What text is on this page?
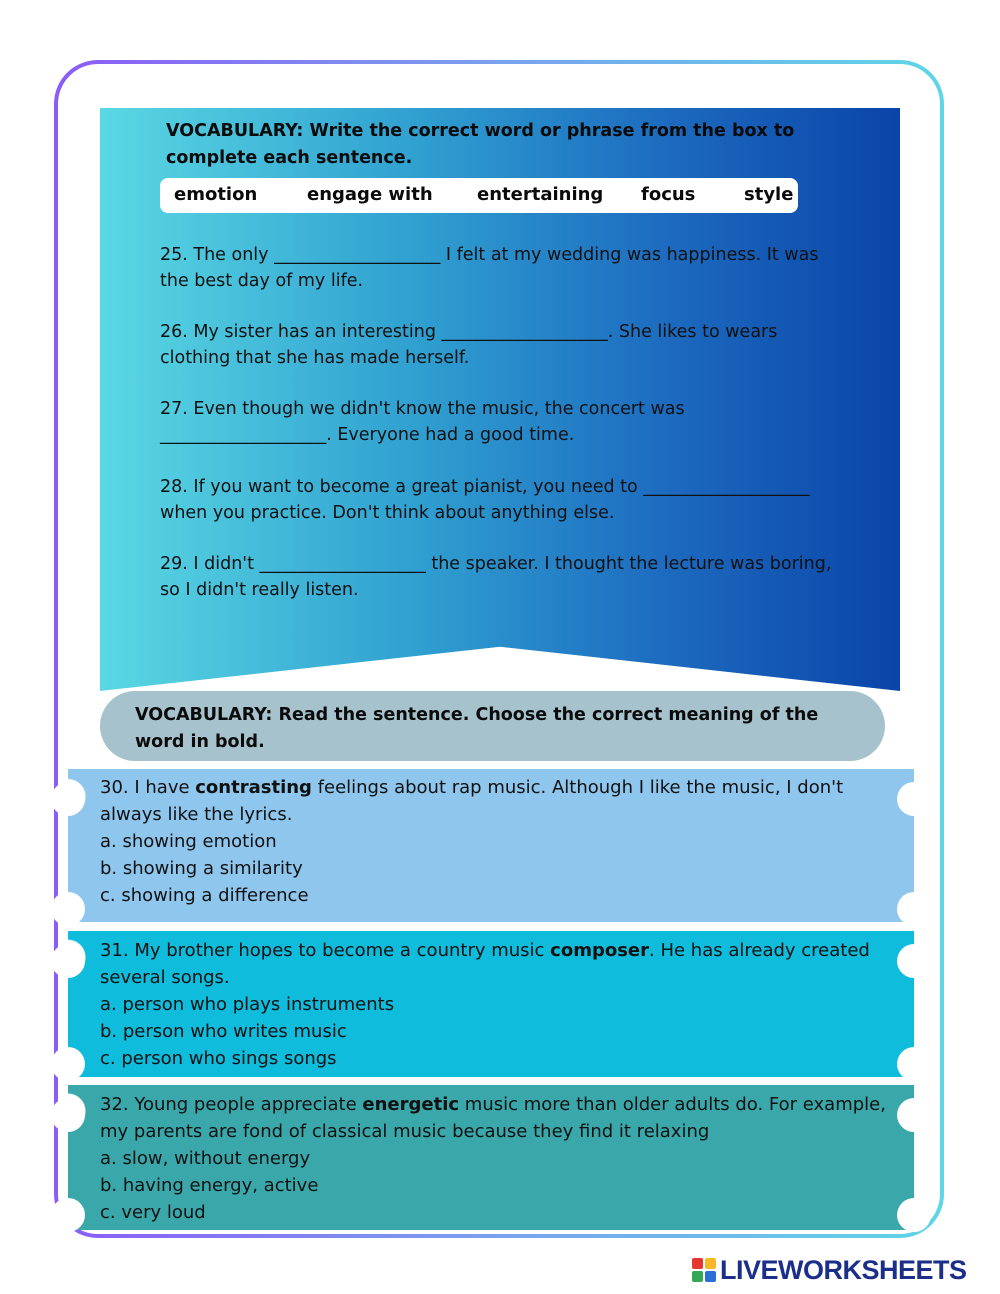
VOCABULARY: Write the correct word or phrase from the box to complete each sentence.
emotion	engage with entertaining focus	style
25. The only ___________________ I felt at my wedding was happiness. It was
the best day of my life.
26. My sister has an interesting ___________________. She likes to wears
clothing that she has made herself.
27. Even though we didn't know the music, the concert was
___________________. Everyone had a good time.
28. If you want to become a great pianist, you need to ___________________
when you practice. Don't think about anything else.
29. I didn't ___________________ the speaker. I thought the lecture was boring,
so I didn't really listen.
VOCABULARY: Read the sentence. Choose the correct meaning of the word in bold.
30. I have contrasting feelings about rap music. Although I like the music, I don't always like the lyrics.
a. showing emotion
b. showing a similarity
c. showing a difference
31. My brother hopes to become a country music composer. He has already created several songs.
a. person who plays instruments
b. person who writes music
c. person who sings songs
32. Young people appreciate energetic music more than older adults do. For example, my parents are fond of classical music because they find it relaxing
a. slow, without energy
b. having energy, active
c. very loud
LIVEWORKSHEETS
